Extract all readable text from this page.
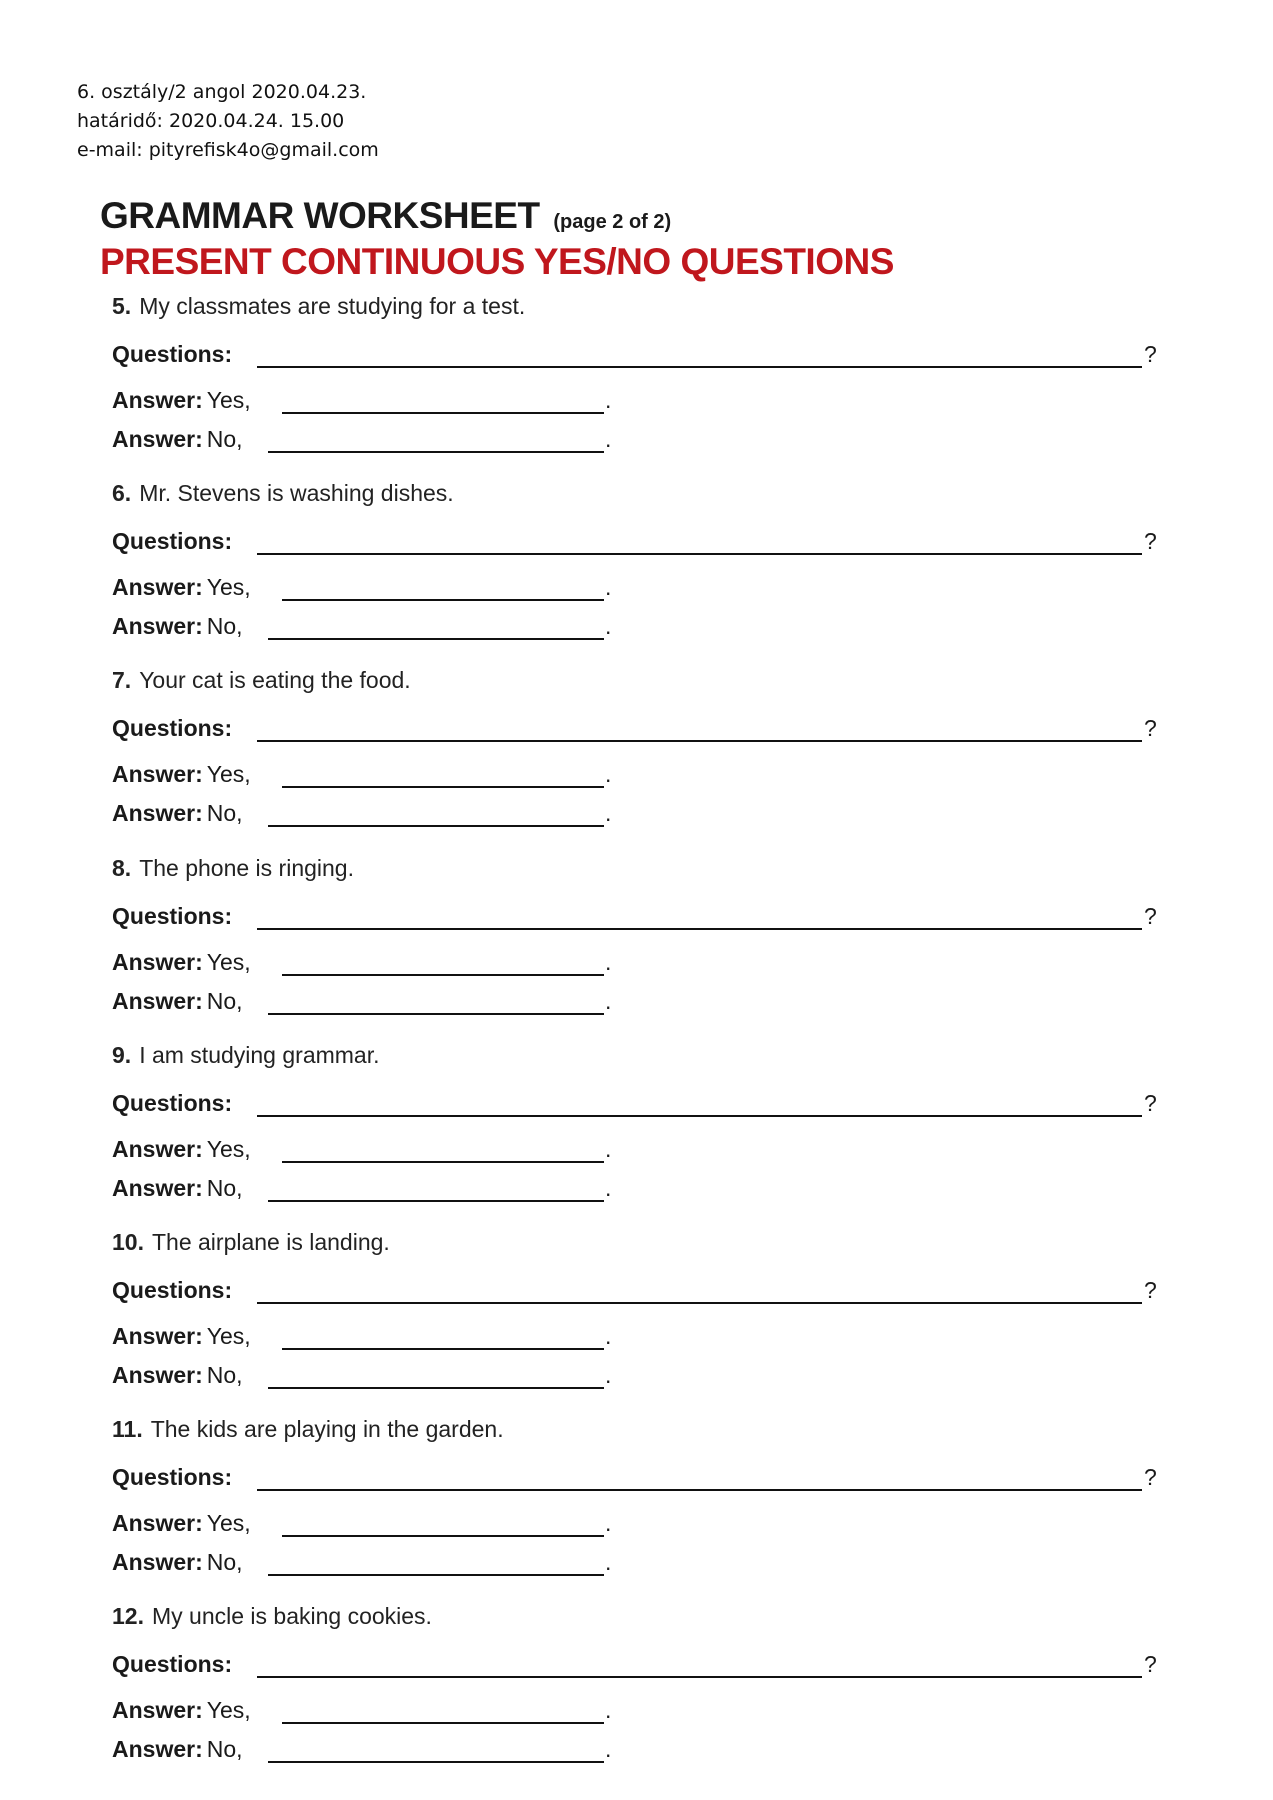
6. osztály/2 angol 2020.04.23.
határidő: 2020.04.24. 15.00
e-mail: pityrefisk4o@gmail.com
GRAMMAR WORKSHEET (page 2 of 2)
PRESENT CONTINUOUS YES/NO QUESTIONS
5. My classmates are studying for a test.
Questions:	?
Answer: Yes,	.
Answer: No,	.
6. Mr. Stevens is washing dishes.
Questions:	?
Answer: Yes,	.
Answer: No,	.
7. Your cat is eating the food.
Questions:	?
Answer: Yes,	.
Answer: No,	.
8. The phone is ringing.
Questions:	?
Answer: Yes,	.
Answer: No,	.
9. I am studying grammar.
Questions:	?
Answer: Yes,	.
Answer: No,	.
10. The airplane is landing.
Questions:	?
Answer: Yes,	.
Answer: No,	.
11. The kids are playing in the garden.
Questions:	?
Answer: Yes,	.
Answer: No,	.
12. My uncle is baking cookies.
Questions:	?
Answer: Yes,	.
Answer: No,	.
